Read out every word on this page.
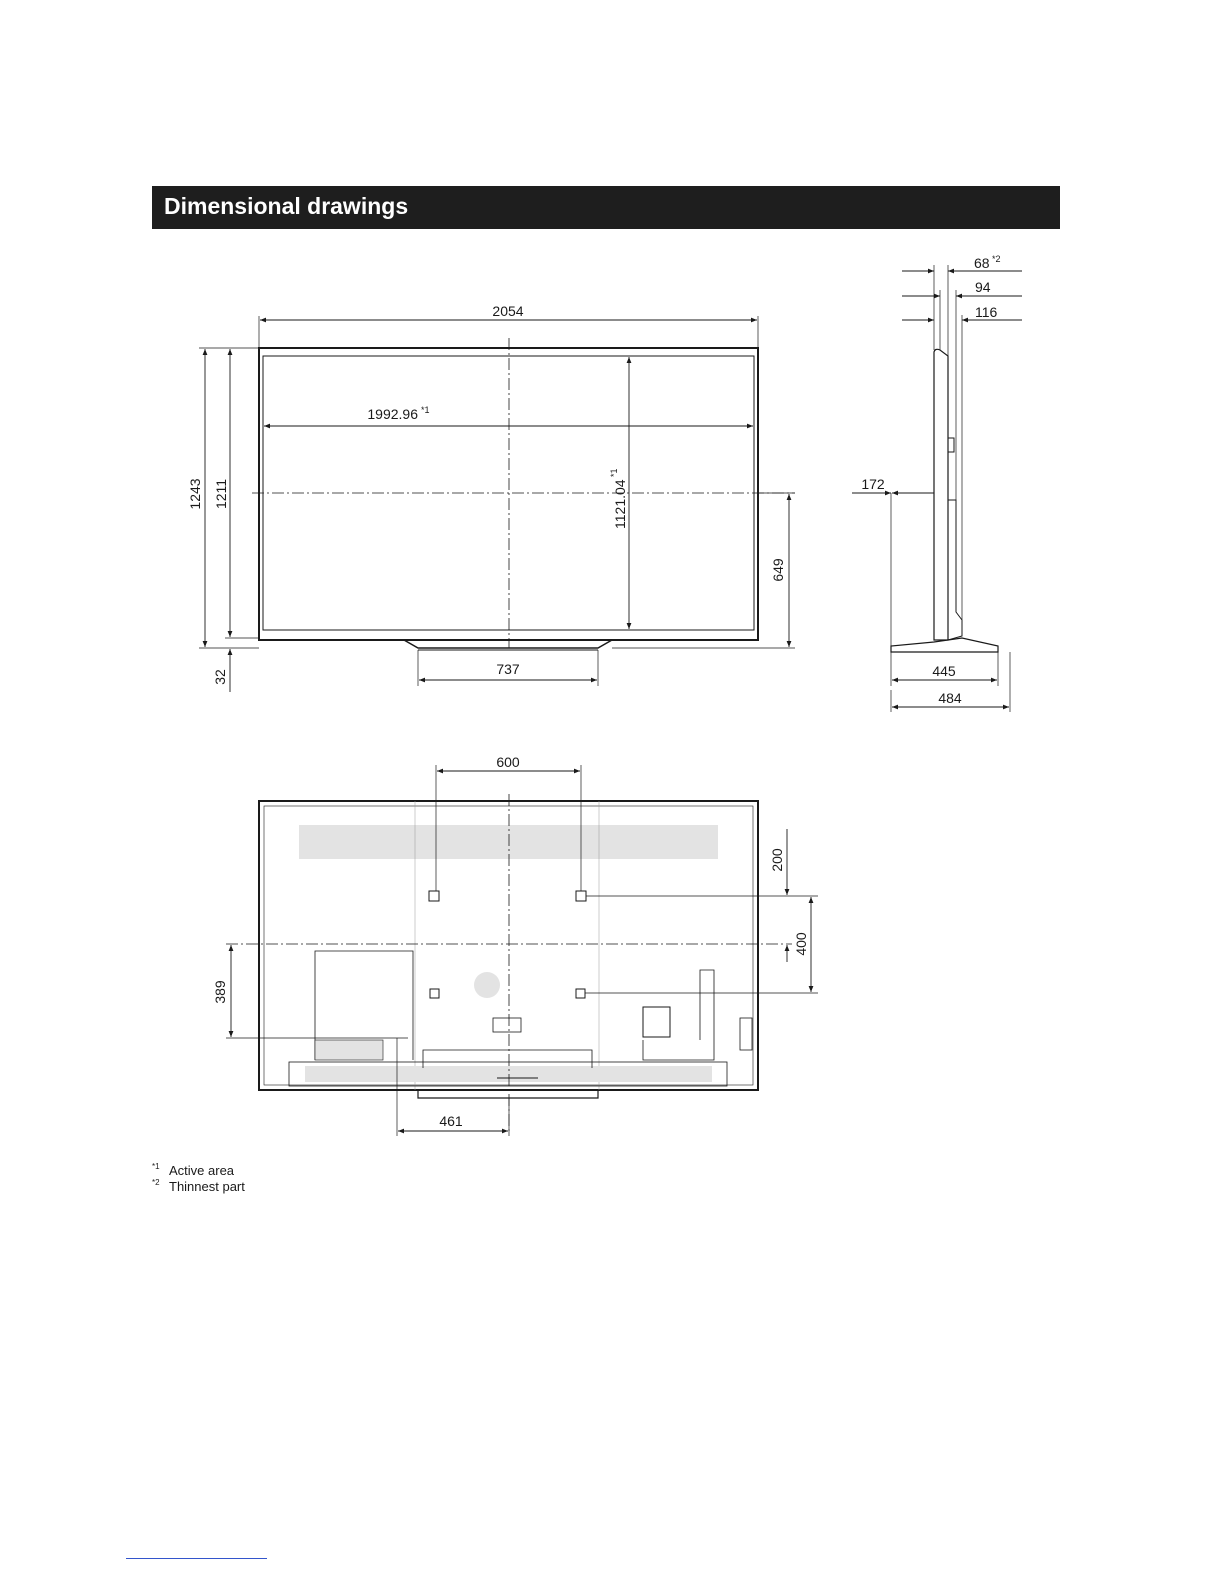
Dimensional drawings
2054
1992.96 *1
1243 1211	1121.04
*1
649
737
32
68 *2
94
116
172
445
484
600
200
400
389
461
*1 Active area
*2 Thinnest part
